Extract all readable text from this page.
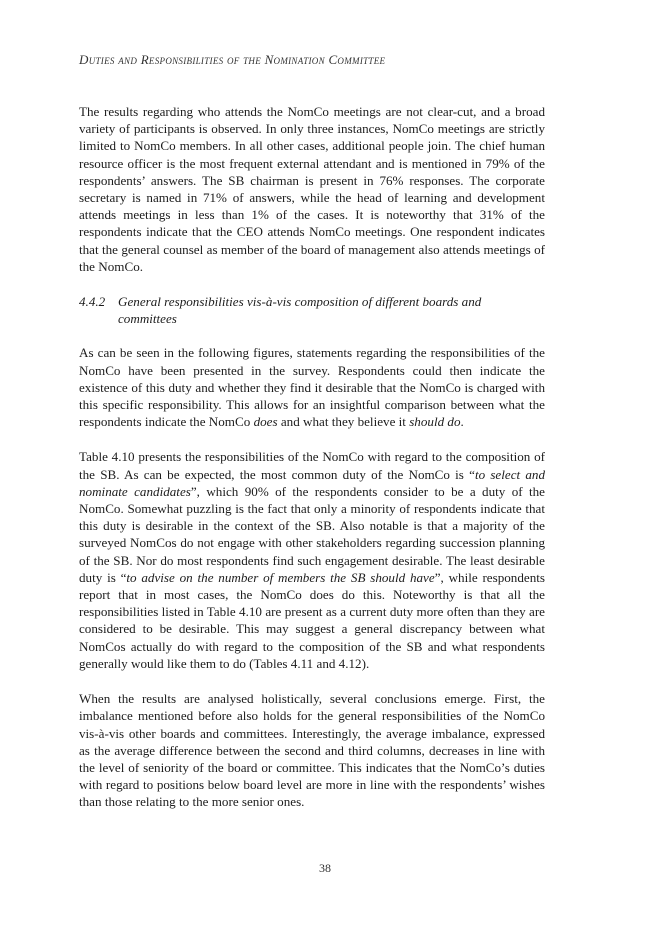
Duties and Responsibilities of the Nomination Committee

The results regarding who attends the NomCo meetings are not clear-cut, and a broad variety of participants is observed. In only three instances, NomCo meetings are strictly limited to NomCo members. In all other cases, additional people join. The chief human resource officer is the most frequent external attendant and is mentioned in 79% of the respondents’ answers. The SB chairman is present in 76% responses. The corporate secretary is named in 71% of answers, while the head of learning and development attends meetings in less than 1% of the cases. It is noteworthy that 31% of the respondents indicate that the CEO attends NomCo meetings. One respondent indicates that the general counsel as member of the board of management also attends meetings of the NomCo.

4.4.2 General responsibilities vis-à-vis composition of different boards and committees

As can be seen in the following figures, statements regarding the responsibilities of the NomCo have been presented in the survey. Respondents could then indicate the existence of this duty and whether they find it desirable that the NomCo is charged with this specific responsibility. This allows for an insightful comparison between what the respondents indicate the NomCo does and what they believe it should do.

Table 4.10 presents the responsibilities of the NomCo with regard to the composition of the SB. As can be expected, the most common duty of the NomCo is “to select and nominate candidates”, which 90% of the respondents consider to be a duty of the NomCo. Somewhat puzzling is the fact that only a minority of respondents indicate that this duty is desirable in the context of the SB. Also notable is that a majority of the surveyed NomCos do not engage with other stakeholders regarding succession planning of the SB. Nor do most respondents find such engagement desirable. The least desirable duty is “to advise on the number of members the SB should have”, while respondents report that in most cases, the NomCo does do this. Noteworthy is that all the responsibilities listed in Table 4.10 are present as a current duty more often than they are considered to be desirable. This may suggest a general discrepancy between what NomCos actually do with regard to the composition of the SB and what respondents generally would like them to do (Tables 4.11 and 4.12).

When the results are analysed holistically, several conclusions emerge. First, the imbalance mentioned before also holds for the general responsibilities of the NomCo vis-à-vis other boards and committees. Interestingly, the average imbalance, expressed as the average difference between the second and third columns, decreases in line with the level of seniority of the board or committee. This indicates that the NomCo’s duties with regard to positions below board level are more in line with the respondents’ wishes than those relating to the more senior ones.

38
